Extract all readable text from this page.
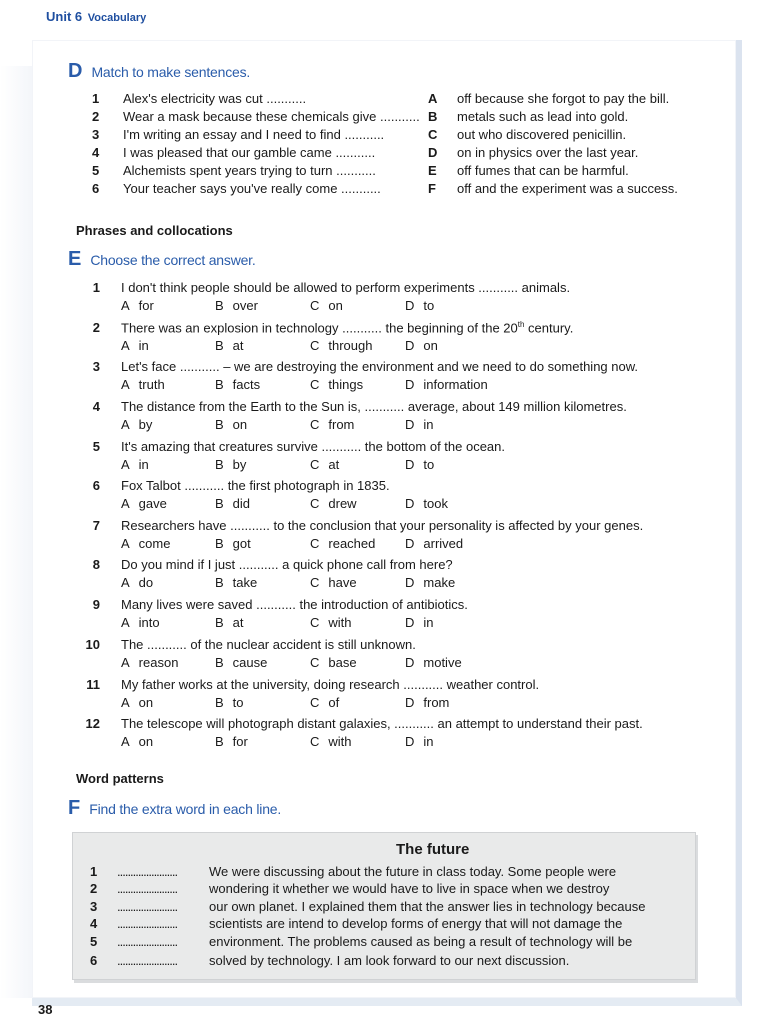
Unit 6 Vocabulary
D Match to make sentences.
1 Alex's electricity was cut ...........	A off because she forgot to pay the bill.
2 Wear a mask because these chemicals give ........... B metals such as lead into gold.
3 I'm writing an essay and I need to find ...........	C out who discovered penicillin.
4 I was pleased that our gamble came ...........	D on in physics over the last year.
5 Alchemists spent years trying to turn ...........	E off fumes that can be harmful.
6 Your teacher says you've really come ...........	F off and the experiment was a success.
Phrases and collocations
E Choose the correct answer.
1 I don't think people should be allowed to perform experiments ........... animals.
A for	B over	C on	D to
2 There was an explosion in technology ........... the beginning of the 20th century.
A in	B at	C through	D on
3 Let's face ........... – we are destroying the environment and we need to do something now.
A truth	B facts	C things	D information
4 The distance from the Earth to the Sun is, ........... average, about 149 million kilometres.
A by	B on	C from	D in
5 It's amazing that creatures survive ........... the bottom of the ocean.
A in	B by	C at	D to
6 Fox Talbot ........... the first photograph in 1835.
A gave	B did	C drew	D took
7 Researchers have ........... to the conclusion that your personality is affected by your genes.
A come	B got	C reached D arrived
8 Do you mind if I just ........... a quick phone call from here?
A do	B take	C have	D make
9 Many lives were saved ........... the introduction of antibiotics.
A into	B at	C with	D in
10 The ........... of the nuclear accident is still unknown.
A reason	B cause	C base	D motive
11 My father works at the university, doing research ........... weather control.
A on	B to	C of	D from
12 The telescope will photograph distant galaxies, ........... an attempt to understand their past.
A on	B for	C with	D in
Word patterns
F Find the extra word in each line.
The future
1 ....................... We were discussing about the future in class today. Some people were
2 ....................... wondering it whether we would have to live in space when we destroy
3 ....................... our own planet. I explained them that the answer lies in technology because
4 ....................... scientists are intend to develop forms of energy that will not damage the
5 ....................... environment. The problems caused as being a result of technology will be
6 ....................... solved by technology. I am look forward to our next discussion.
38
